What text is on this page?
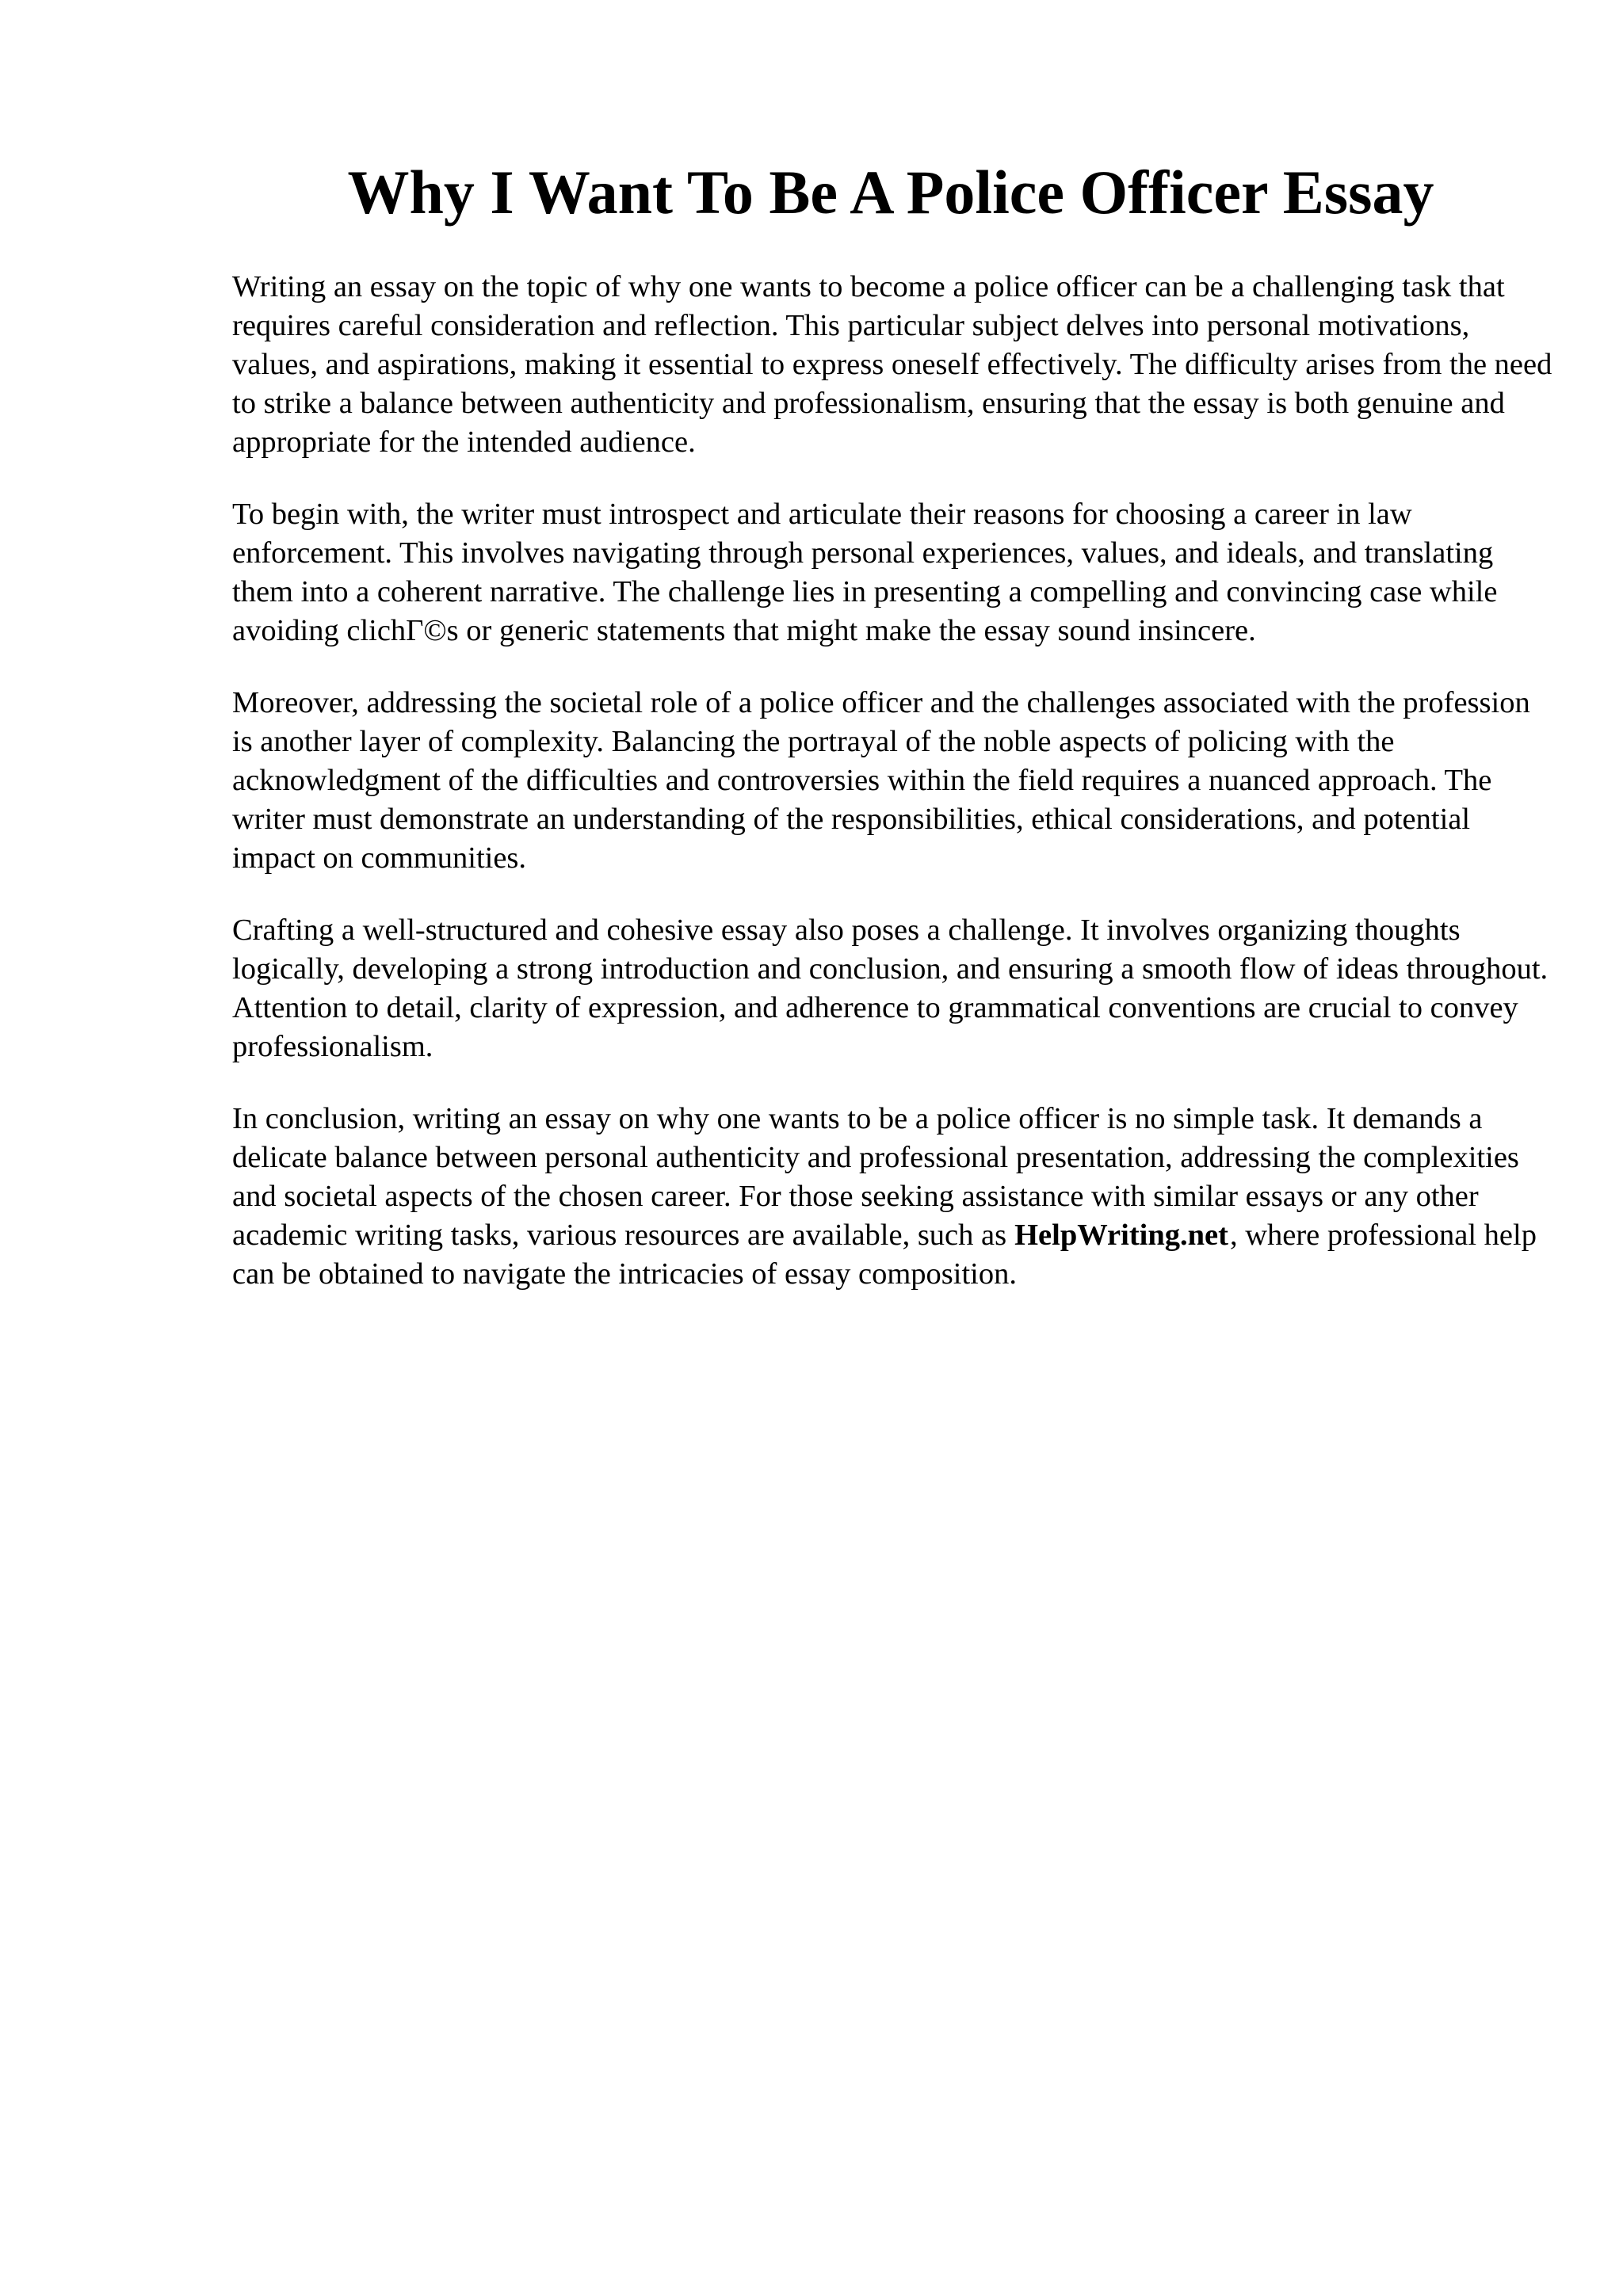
Why I Want To Be A Police Officer Essay

Writing an essay on the topic of why one wants to become a police officer can be a challenging task that requires careful consideration and reflection. This particular subject delves into personal motivations, values, and aspirations, making it essential to express oneself effectively. The difficulty arises from the need to strike a balance between authenticity and professionalism, ensuring that the essay is both genuine and appropriate for the intended audience.

To begin with, the writer must introspect and articulate their reasons for choosing a career in law enforcement. This involves navigating through personal experiences, values, and ideals, and translating them into a coherent narrative. The challenge lies in presenting a compelling and convincing case while avoiding clichГ©s or generic statements that might make the essay sound insincere.

Moreover, addressing the societal role of a police officer and the challenges associated with the profession is another layer of complexity. Balancing the portrayal of the noble aspects of policing with the acknowledgment of the difficulties and controversies within the field requires a nuanced approach. The writer must demonstrate an understanding of the responsibilities, ethical considerations, and potential impact on communities.

Crafting a well-structured and cohesive essay also poses a challenge. It involves organizing thoughts logically, developing a strong introduction and conclusion, and ensuring a smooth flow of ideas throughout. Attention to detail, clarity of expression, and adherence to grammatical conventions are crucial to convey professionalism.

In conclusion, writing an essay on why one wants to be a police officer is no simple task. It demands a delicate balance between personal authenticity and professional presentation, addressing the complexities and societal aspects of the chosen career. For those seeking assistance with similar essays or any other academic writing tasks, various resources are available, such as HelpWriting.net, where professional help can be obtained to navigate the intricacies of essay composition.
